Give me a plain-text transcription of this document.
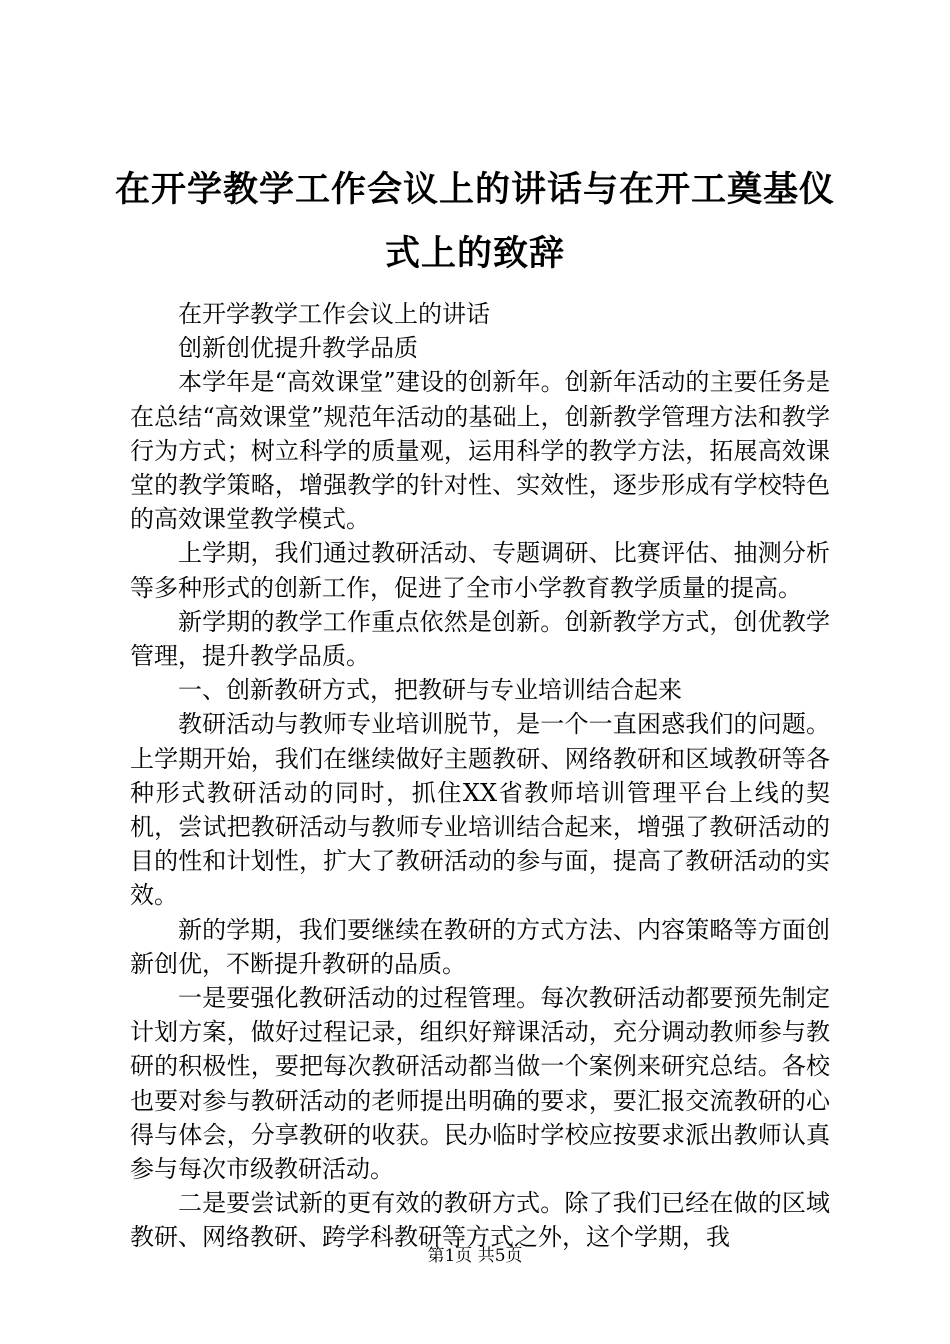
在开学教学工作会议上的讲话与在开工奠基仪式上的致辞

在开学教学工作会议上的讲话

创新创优提升教学品质

本学年是“高效课堂”建设的创新年。创新年活动的主要任务是在总结“高效课堂”规范年活动的基础上，创新教学管理方法和教学行为方式；树立科学的质量观，运用科学的教学方法，拓展高效课堂的教学策略，增强教学的针对性、实效性，逐步形成有学校特色的高效课堂教学模式。

上学期，我们通过教研活动、专题调研、比赛评估、抽测分析等多种形式的创新工作，促进了全市小学教育教学质量的提高。

新学期的教学工作重点依然是创新。创新教学方式，创优教学管理，提升教学品质。

一、创新教研方式，把教研与专业培训结合起来

教研活动与教师专业培训脱节，是一个一直困惑我们的问题。上学期开始，我们在继续做好主题教研、网络教研和区域教研等各种形式教研活动的同时，抓住XX省教师培训管理平台上线的契机，尝试把教研活动与教师专业培训结合起来，增强了教研活动的目的性和计划性，扩大了教研活动的参与面，提高了教研活动的实效。

新的学期，我们要继续在教研的方式方法、内容策略等方面创新创优，不断提升教研的品质。

一是要强化教研活动的过程管理。每次教研活动都要预先制定计划方案，做好过程记录，组织好辩课活动，充分调动教师参与教研的积极性，要把每次教研活动都当做一个案例来研究总结。各校也要对参与教研活动的老师提出明确的要求，要汇报交流教研的心得与体会，分享教研的收获。民办临时学校应按要求派出教师认真参与每次市级教研活动。

二是要尝试新的更有效的教研方式。除了我们已经在做的区域教研、网络教研、跨学科教研等方式之外，这个学期，我

第1页 共5页
